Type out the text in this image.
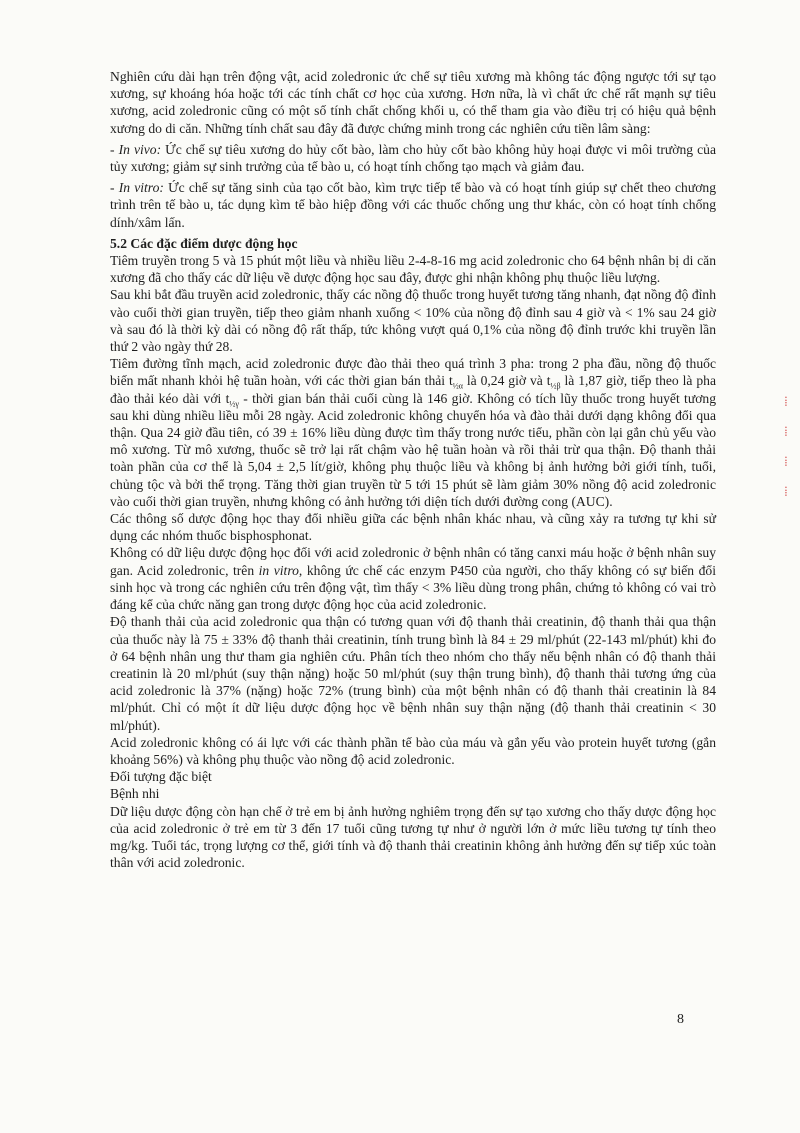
Nghiên cứu dài hạn trên động vật, acid zoledronic ức chế sự tiêu xương mà không tác động ngược tới sự tạo xương, sự khoáng hóa hoặc tới các tính chất cơ học của xương. Hơn nữa, là vì chất ức chế rất mạnh sự tiêu xương, acid zoledronic cũng có một số tính chất chống khối u, có thể tham gia vào điều trị có hiệu quả bệnh xương do di căn. Những tính chất sau đây đã được chứng minh trong các nghiên cứu tiền lâm sàng:

- In vivo: Ức chế sự tiêu xương do hủy cốt bào, làm cho hủy cốt bào không hủy hoại được vi môi trường của tủy xương; giảm sự sinh trưởng của tế bào u, có hoạt tính chống tạo mạch và giảm đau.

- In vitro: Ức chế sự tăng sinh của tạo cốt bào, kìm trực tiếp tế bào và có hoạt tính giúp sự chết theo chương trình trên tế bào u, tác dụng kìm tế bào hiệp đồng với các thuốc chống ung thư khác, còn có hoạt tính chống dính/xâm lấn.

5.2 Các đặc điểm dược động học

Tiêm truyền trong 5 và 15 phút một liều và nhiều liều 2-4-8-16 mg acid zoledronic cho 64 bệnh nhân bị di căn xương đã cho thấy các dữ liệu về dược động học sau đây, được ghi nhận không phụ thuộc liều lượng.

Sau khi bắt đầu truyền acid zoledronic, thấy các nồng độ thuốc trong huyết tương tăng nhanh, đạt nồng độ đỉnh vào cuối thời gian truyền, tiếp theo giảm nhanh xuống < 10% của nồng độ đỉnh sau 4 giờ và < 1% sau 24 giờ và sau đó là thời kỳ dài có nồng độ rất thấp, tức không vượt quá 0,1% của nồng độ đỉnh trước khi truyền lần thứ 2 vào ngày thứ 28.

Tiêm đường tĩnh mạch, acid zoledronic được đào thải theo quá trình 3 pha: trong 2 pha đầu, nồng độ thuốc biến mất nhanh khỏi hệ tuần hoàn, với các thời gian bán thải $t_{\frac{1}{2}\alpha}$ là 0,24 giờ và $t_{\frac{1}{2}\beta}$ là 1,87 giờ, tiếp theo là pha đào thải kéo dài với $t_{\frac{1}{2}\gamma}$ - thời gian bán thải cuối cùng là 146 giờ. Không có tích lũy thuốc trong huyết tương sau khi dùng nhiều liều mỗi 28 ngày. Acid zoledronic không chuyển hóa và đào thải dưới dạng không đổi qua thận. Qua 24 giờ đầu tiên, có 39 ± 16% liều dùng được tìm thấy trong nước tiểu, phần còn lại gắn chủ yếu vào mô xương. Từ mô xương, thuốc sẽ trở lại rất chậm vào hệ tuần hoàn và rồi thải trừ qua thận. Độ thanh thải toàn phần của cơ thể là 5,04 ± 2,5 lít/giờ, không phụ thuộc liều và không bị ảnh hưởng bởi giới tính, tuổi, chủng tộc và bởi thể trọng. Tăng thời gian truyền từ 5 tới 15 phút sẽ làm giảm 30% nồng độ acid zoledronic vào cuối thời gian truyền, nhưng không có ảnh hưởng tới diện tích dưới đường cong (AUC).

Các thông số dược động học thay đổi nhiều giữa các bệnh nhân khác nhau, và cũng xảy ra tương tự khi sử dụng các nhóm thuốc bisphosphonat.

Không có dữ liệu dược động học đối với acid zoledronic ở bệnh nhân có tăng canxi máu hoặc ở bệnh nhân suy gan. Acid zoledronic, trên in vitro, không ức chế các enzym P450 của người, cho thấy không có sự biến đổi sinh học và trong các nghiên cứu trên động vật, tìm thấy < 3% liều dùng trong phân, chứng tỏ không có vai trò đáng kể của chức năng gan trong dược động học của acid zoledronic.

Độ thanh thải của acid zoledronic qua thận có tương quan với độ thanh thải creatinin, độ thanh thải qua thận của thuốc này là 75 ± 33% độ thanh thải creatinin, tính trung bình là 84 ± 29 ml/phút (22-143 ml/phút) khi đo ở 64 bệnh nhân ung thư tham gia nghiên cứu. Phân tích theo nhóm cho thấy nếu bệnh nhân có độ thanh thải creatinin là 20 ml/phút (suy thận nặng) hoặc 50 ml/phút (suy thận trung bình), độ thanh thải tương ứng của acid zoledronic là 37% (nặng) hoặc 72% (trung bình) của một bệnh nhân có độ thanh thải creatinin là 84 ml/phút. Chỉ có một ít dữ liệu dược động học về bệnh nhân suy thận nặng (độ thanh thải creatinin < 30 ml/phút).

Acid zoledronic không có ái lực với các thành phần tế bào của máu và gắn yếu vào protein huyết tương (gắn khoảng 56%) và không phụ thuộc vào nồng độ acid zoledronic.

Đối tượng đặc biệt

Bệnh nhi

Dữ liệu dược động còn hạn chế ở trẻ em bị ảnh hưởng nghiêm trọng đến sự tạo xương cho thấy dược động học của acid zoledronic ở trẻ em từ 3 đến 17 tuổi cũng tương tự như ở người lớn ở mức liều tương tự tính theo mg/kg. Tuổi tác, trọng lượng cơ thể, giới tính và độ thanh thải creatinin không ảnh hưởng đến sự tiếp xúc toàn thân với acid zoledronic.

⁞
⁞
⁞
⁞
8
